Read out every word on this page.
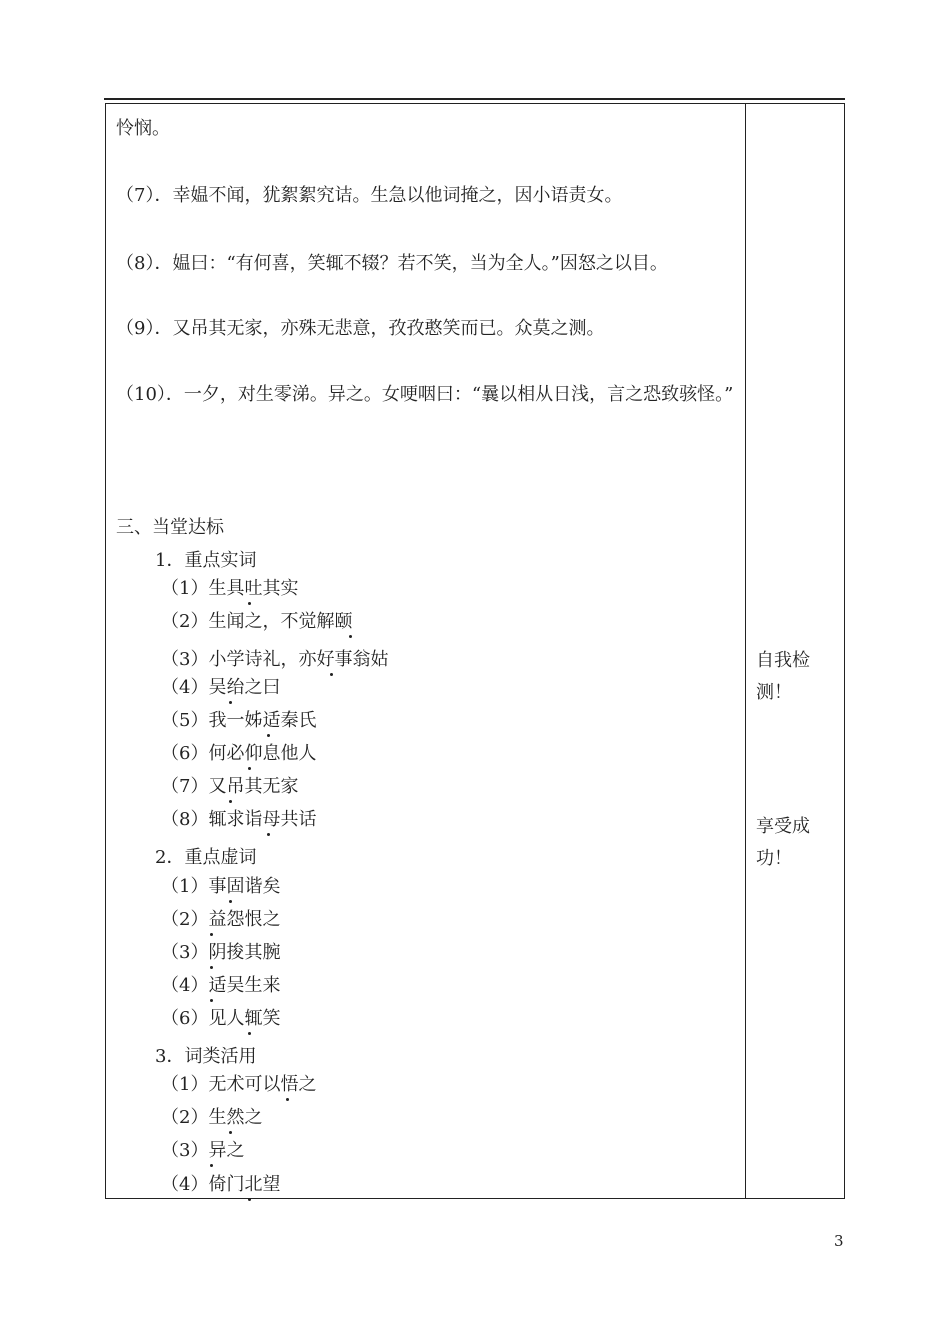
怜悯。
（7）．幸媪不闻，犹絮絮究诘。生急以他词掩之，因小语责女。
（8）．媪曰：“有何喜，笑辄不辍？若不笑，当为全人。”因怒之以目。
（9）．又吊其无家，亦殊无悲意，孜孜憨笑而已。众莫之测。
（10）．一夕，对生零涕。异之。女哽咽曰：“曩以相从日浅，言之恐致骇怪。”
三、当堂达标
1．重点实词
（1）生具吐其实
（2）生闻之，不觉解颐
（3）小学诗礼，亦好事翁姑
（4）吴绐之曰
（5）我一姊适秦氏
（6）何必仰息他人
（7）又吊其无家
（8）辄求诣母共话
2．重点虚词
（1）事固谐矣
（2）益怨恨之
（3）阴捘其腕
（4）适吴生来
（6）见人辄笑
3．词类活用
（1）无术可以悟之
（2）生然之
（3）异之
（4）倚门北望
自我检测！
享受成功！
3
